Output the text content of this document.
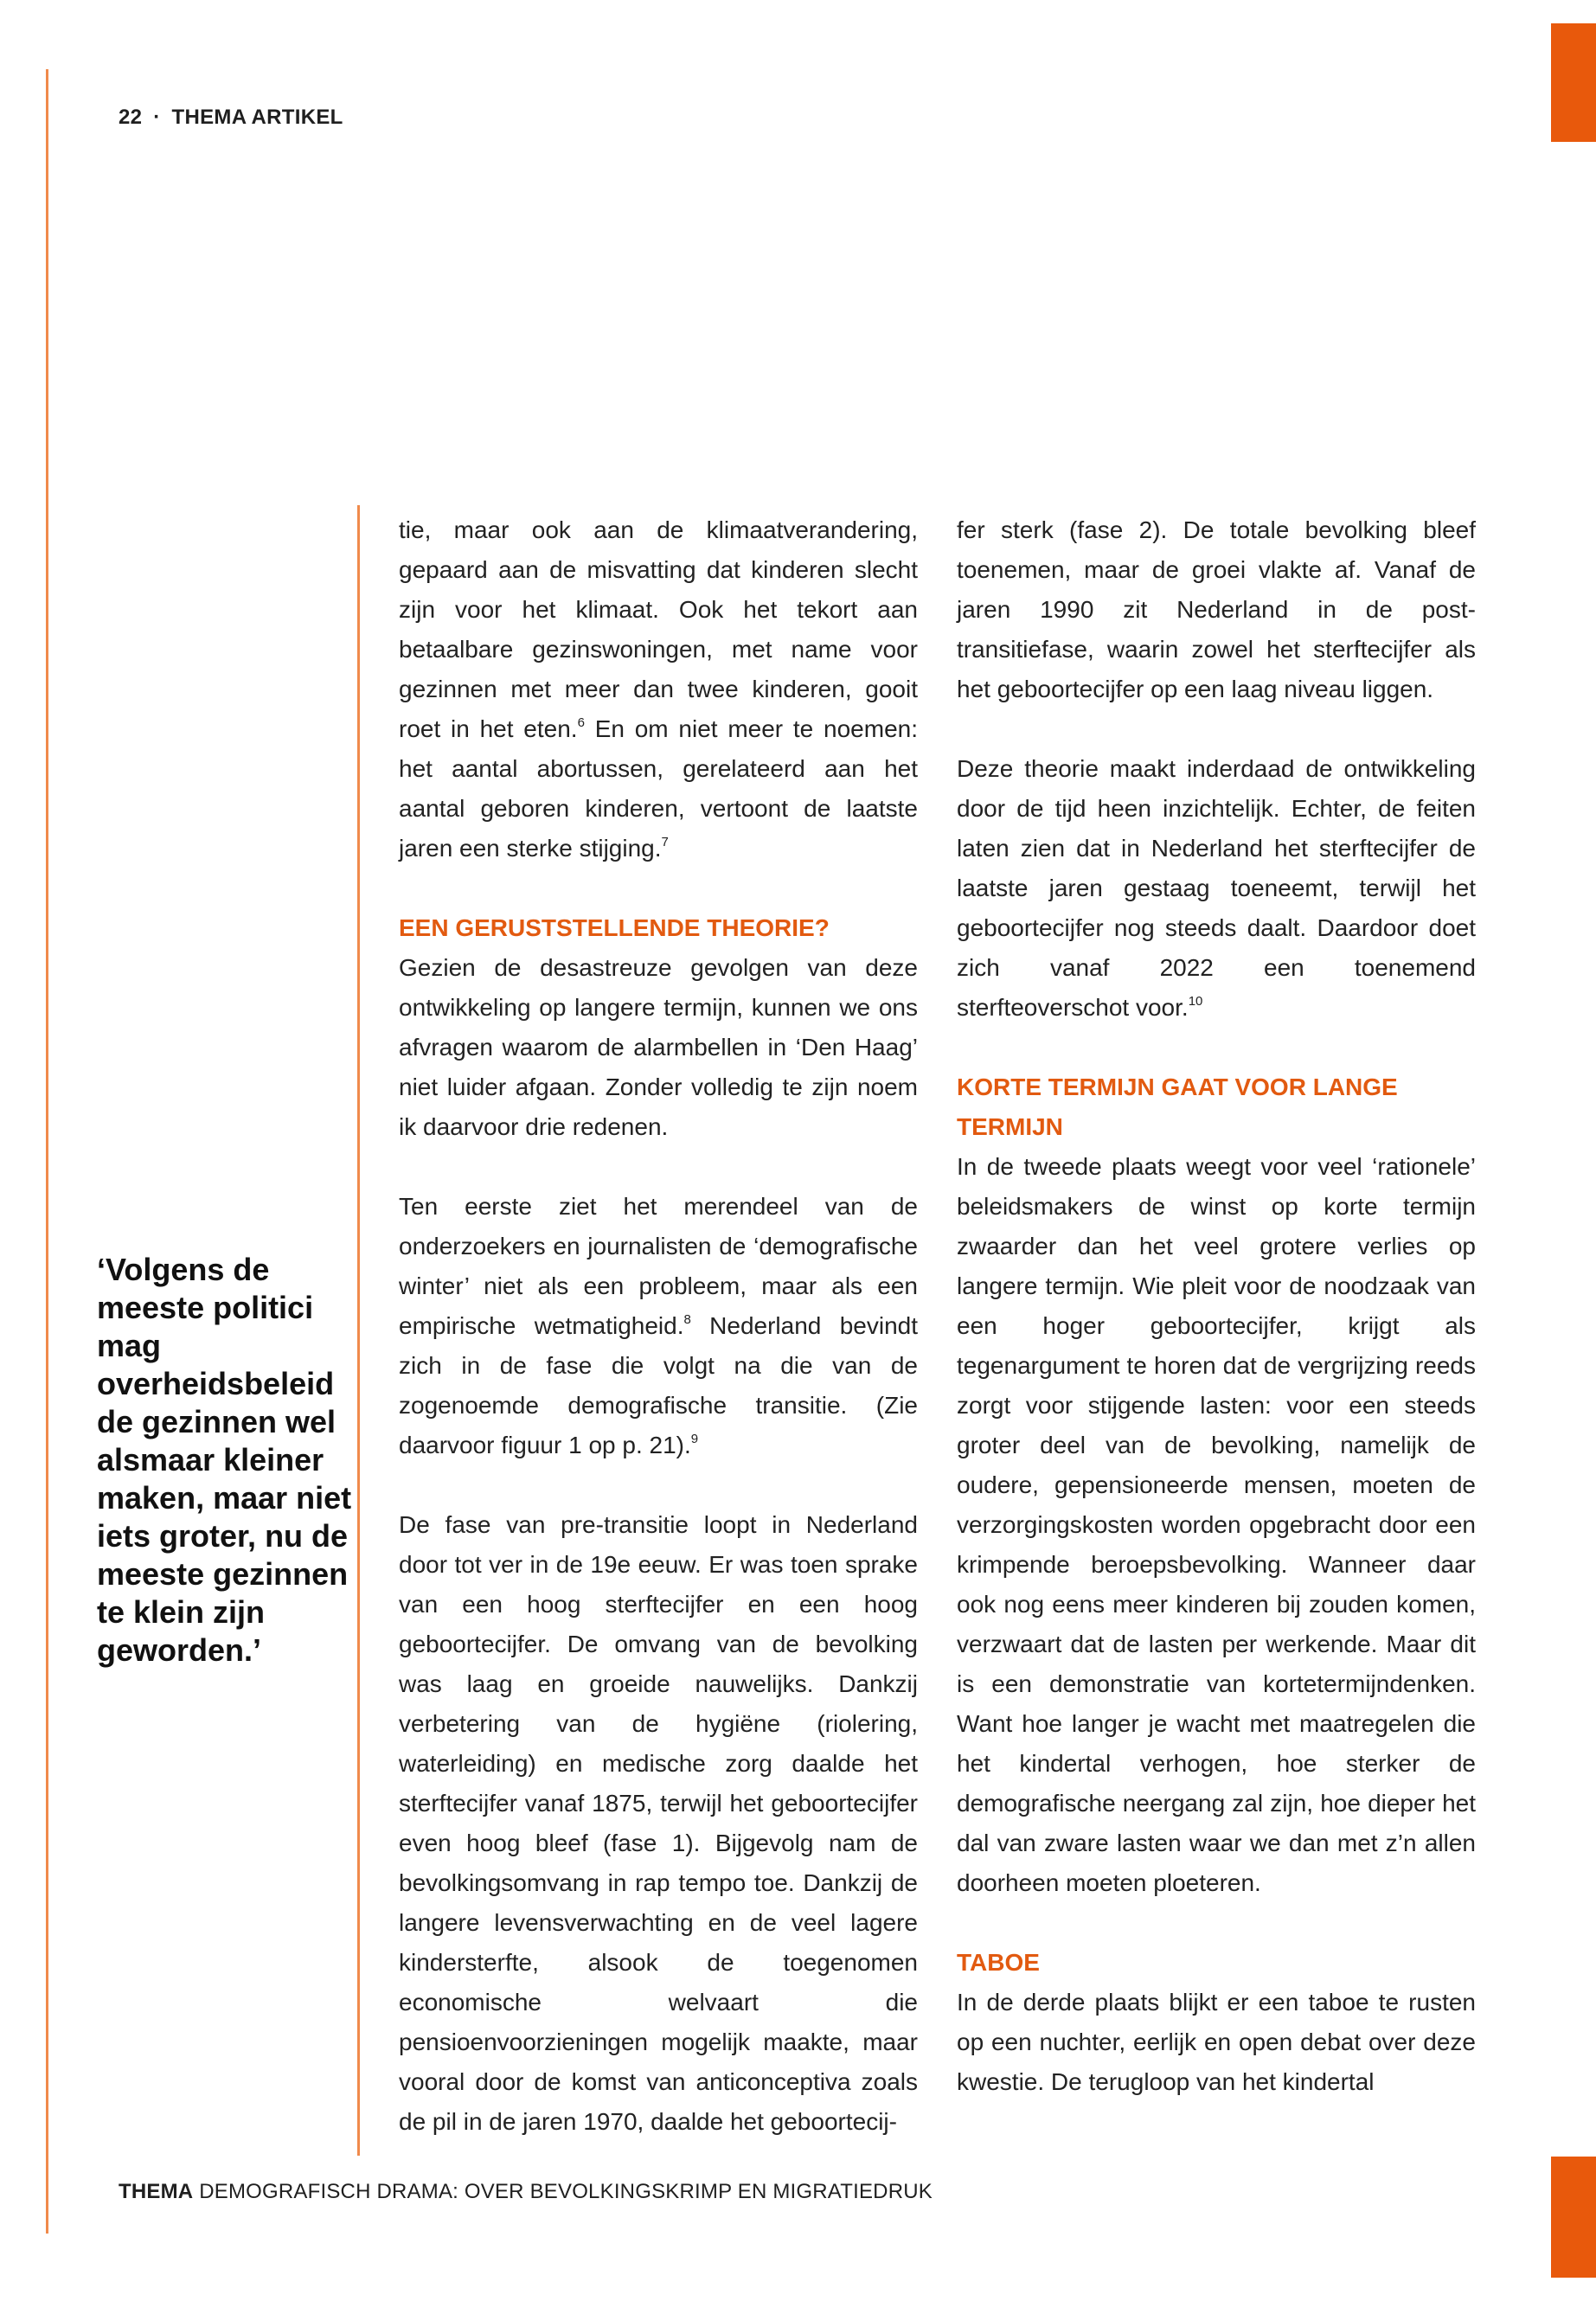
22 · THEMA ARTIKEL
‘Volgens de meeste politici mag overheidsbeleid de gezinnen wel alsmaar kleiner maken, maar niet iets groter, nu de meeste gezinnen te klein zijn geworden.’

tie, maar ook aan de klimaatverandering, gepaard aan de misvatting dat kinderen slecht zijn voor het klimaat. Ook het tekort aan betaalbare gezinswoningen, met name voor gezinnen met meer dan twee kinderen, gooit roet in het eten.$^6$ En om niet meer te noemen: het aantal abortussen, gerelateerd aan het aantal geboren kinderen, vertoont de laatste jaren een sterke stijging.$^7$

EEN GERUSTSTELLENDE THEORIE?

Gezien de desastreuze gevolgen van deze ontwikkeling op langere termijn, kunnen we ons afvragen waarom de alarmbellen in ‘Den Haag’ niet luider afgaan. Zonder volledig te zijn noem ik daarvoor drie redenen.

Ten eerste ziet het merendeel van de onderzoekers en journalisten de ‘demografische winter’ niet als een probleem, maar als een empirische wetmatigheid.$^8$ Nederland bevindt zich in de fase die volgt na die van de zogenoemde demografische transitie. (Zie daarvoor figuur 1 op p. 21).$^9$

De fase van pre-transitie loopt in Nederland door tot ver in de 19e eeuw. Er was toen sprake van een hoog sterftecijfer en een hoog geboortecijfer. De omvang van de bevolking was laag en groeide nauwelijks. Dankzij verbetering van de hygiëne (riolering, waterleiding) en medische zorg daalde het sterftecijfer vanaf 1875, terwijl het geboortecijfer even hoog bleef (fase 1). Bijgevolg nam de bevolkingsomvang in rap tempo toe. Dankzij de langere levensverwachting en de veel lagere kindersterfte, alsook de toegenomen economische welvaart die pensioenvoorzieningen mogelijk maakte, maar vooral door de komst van anticonceptiva zoals de pil in de jaren 1970, daalde het geboortecij-

fer sterk (fase 2). De totale bevolking bleef toenemen, maar de groei vlakte af. Vanaf de jaren 1990 zit Nederland in de post-transitiefase, waarin zowel het sterftecijfer als het geboortecijfer op een laag niveau liggen.

Deze theorie maakt inderdaad de ontwikkeling door de tijd heen inzichtelijk. Echter, de feiten laten zien dat in Nederland het sterftecijfer de laatste jaren gestaag toeneemt, terwijl het geboortecijfer nog steeds daalt. Daardoor doet zich vanaf 2022 een toenemend sterfteoverschot voor.$^{10}$

KORTE TERMIJN GAAT VOOR LANGE TERMIJN

In de tweede plaats weegt voor veel ‘rationele’ beleidsmakers de winst op korte termijn zwaarder dan het veel grotere verlies op langere termijn. Wie pleit voor de noodzaak van een hoger geboortecijfer, krijgt als tegenargument te horen dat de vergrijzing reeds zorgt voor stijgende lasten: voor een steeds groter deel van de bevolking, namelijk de oudere, gepensioneerde mensen, moeten de verzorgingskosten worden opgebracht door een krimpende beroepsbevolking. Wanneer daar ook nog eens meer kinderen bij zouden komen, verzwaart dat de lasten per werkende. Maar dit is een demonstratie van kortetermijndenken. Want hoe langer je wacht met maatregelen die het kindertal verhogen, hoe sterker de demografische neergang zal zijn, hoe dieper het dal van zware lasten waar we dan met z’n allen doorheen moeten ploeteren.

TABOE

In de derde plaats blijkt er een taboe te rusten op een nuchter, eerlijk en open debat over deze kwestie. De terugloop van het kindertal

THEMA DEMOGRAFISCH DRAMA: OVER BEVOLKINGSKRIMP EN MIGRATIEDRUK
